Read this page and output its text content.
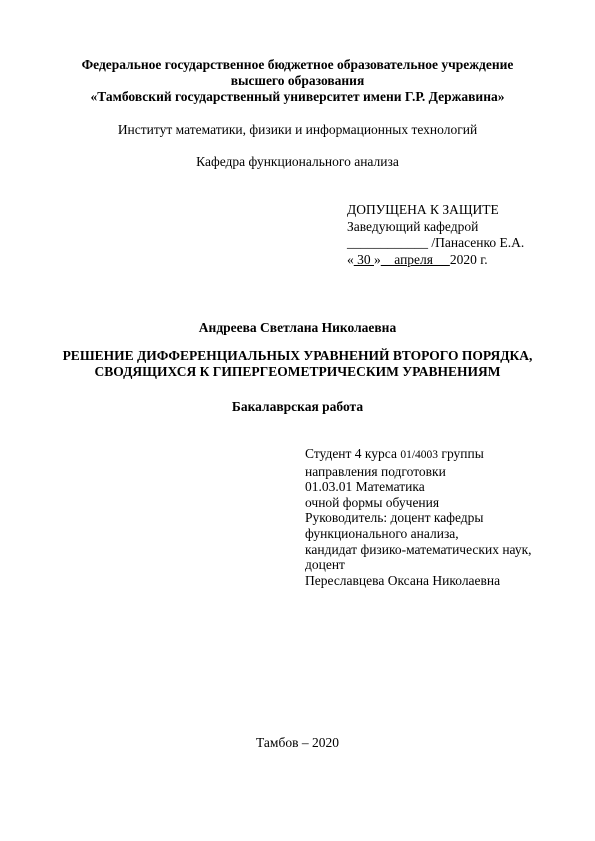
Федеральное государственное бюджетное образовательное учреждение
высшего образования
«Тамбовский государственный университет имени Г.Р. Державина»
Институт математики, физики и информационных технологий
Кафедра функционального анализа
ДОПУЩЕНА К ЗАЩИТЕ
Заведующий кафедрой
____________ /Панасенко Е.А.
« 30 »    апреля     2020 г.
Андреева Светлана Николаевна
РЕШЕНИЕ ДИФФЕРЕНЦИАЛЬНЫХ УРАВНЕНИЙ ВТОРОГО ПОРЯДКА,
СВОДЯЩИХСЯ К ГИПЕРГЕОМЕТРИЧЕСКИМ УРАВНЕНИЯМ
Бакалаврская работа
Студент 4 курса 01/4003 группы
направления подготовки
01.03.01 Математика
очной формы обучения
Руководитель: доцент кафедры
функционального анализа,
кандидат физико-математических наук,
доцент
Переславцева Оксана Николаевна
Тамбов – 2020
